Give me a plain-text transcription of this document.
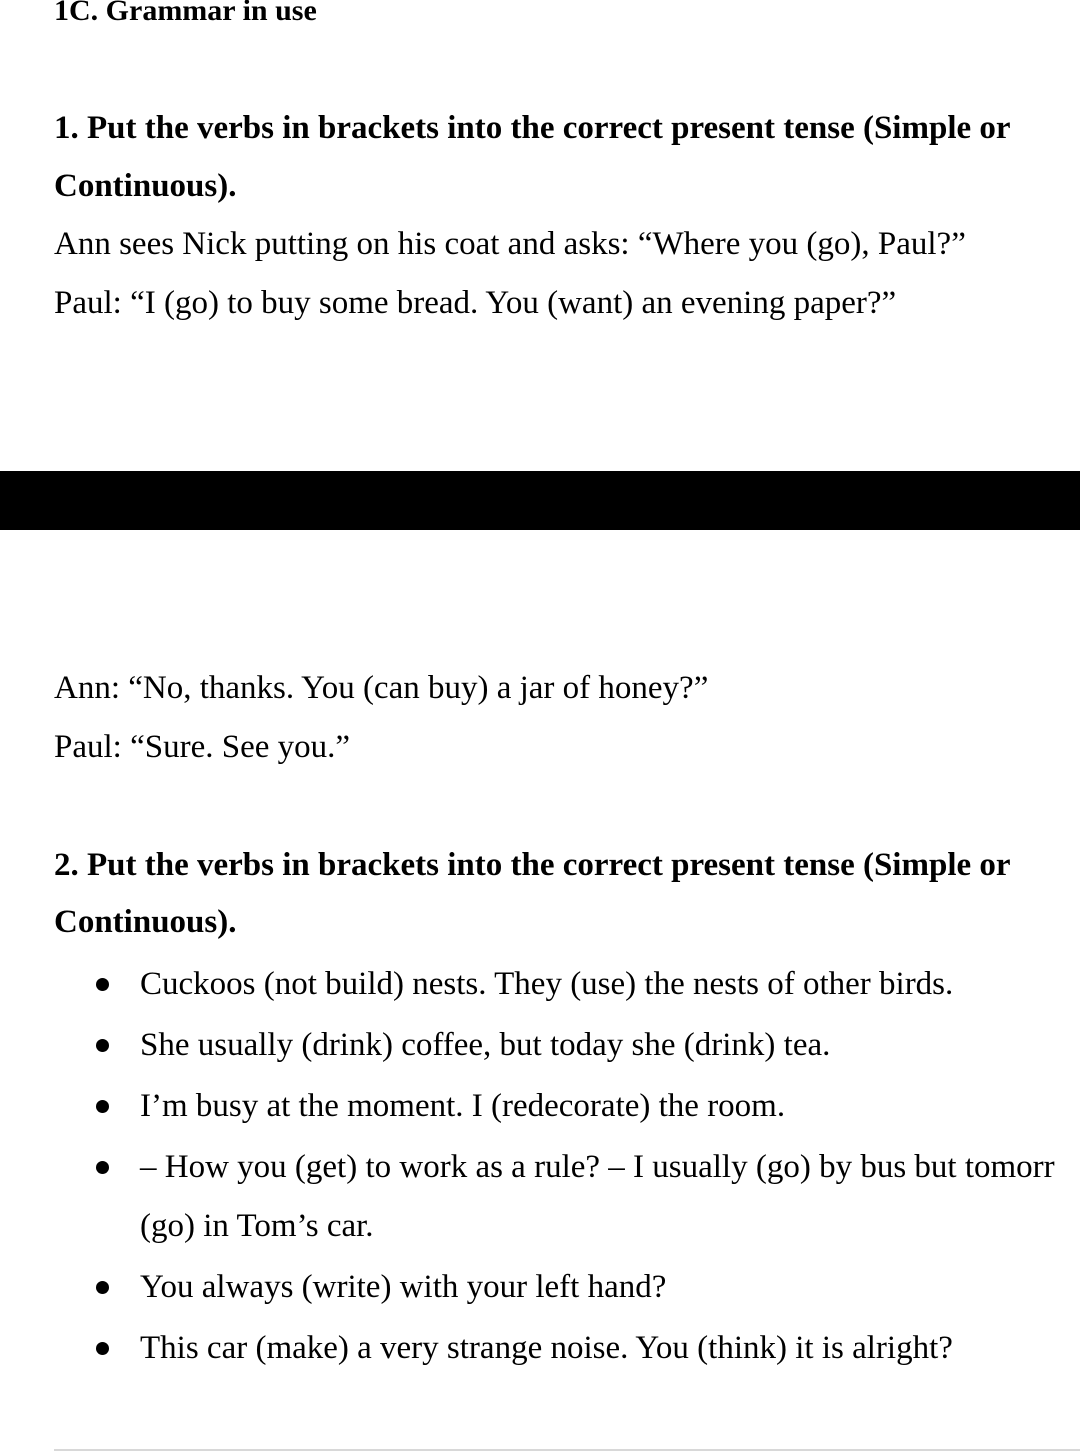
1C. Grammar in use
1. Put the verbs in brackets into the correct present tense (Simple or
Continuous).
Ann sees Nick putting on his coat and asks: “Where you (go), Paul?”
Paul: “I (go) to buy some bread. You (want) an evening paper?”
Ann: “No, thanks. You (can buy) a jar of honey?”
Paul: “Sure. See you.”
2. Put the verbs in brackets into the correct present tense (Simple or
Continuous).
Cuckoos (not build) nests. They (use) the nests of other birds.
She usually (drink) coffee, but today she (drink) tea.
I’m busy at the moment. I (redecorate) the room.
– How you (get) to work as a rule? – I usually (go) by bus but tomorr
(go) in Tom’s car.
You always (write) with your left hand?
This car (make) a very strange noise. You (think) it is alright?
